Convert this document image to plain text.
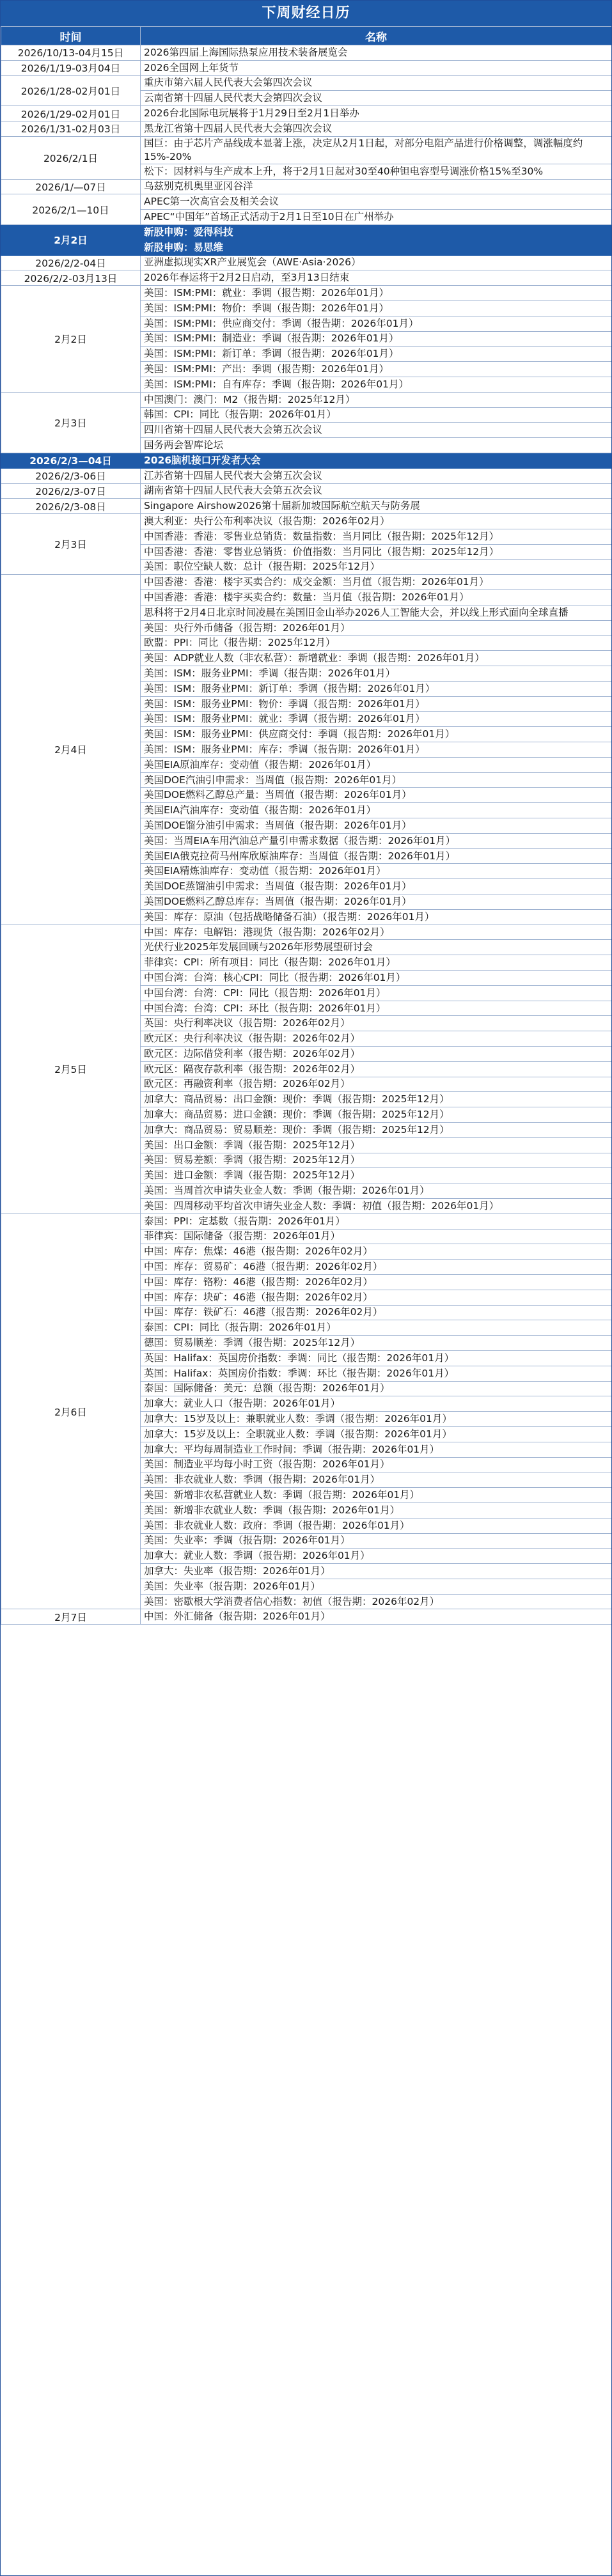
下周财经日历
时间	名称
2026/10/13-04月15日	2026第四届上海国际热泵应用技术装备展览会
2026/1/19-03月04日	2026全国网上年货节
2026/1/28-02月01日	重庆市第六届人民代表大会第四次会议
	云南省第十四届人民代表大会第四次会议
2026/1/29-02月01日	2026台北国际电玩展将于1月29日至2月1日举办
2026/1/31-02月03日	黑龙江省第十四届人民代表大会第四次会议
2026/2/1日	国巨：由于芯片产品线成本显著上涨，决定从2月1日起，对部分电阻产品进行价格调整，调涨幅度约15%-20%
	松下：因材料与生产成本上升，将于2月1日起对30至40种钽电容型号调涨价格15%至30%
2026/1/—07日	乌兹别克机奥里亚冈谷洋
2026/2/1—10日	APEC第一次高官会及相关会议
	APEC“中国年”首场正式活动于2月1日至10日在广州举办
2月2日	新股申购：爱得科技
	新股申购：易思维
2026/2/2-04日	亚洲虚拟现实XR产业展览会（AWE·Asia·2026）
2026/2/2-03月13日	2026年春运将于2月2日启动，至3月13日结束
2月2日	美国：ISM:PMI：就业：季调（报告期：2026年01月）
	美国：ISM:PMI：物价：季调（报告期：2026年01月）
	美国：ISM:PMI：供应商交付：季调（报告期：2026年01月）
	美国：ISM:PMI：制造业：季调（报告期：2026年01月）
	美国：ISM:PMI：新订单：季调（报告期：2026年01月）
	美国：ISM:PMI：产出：季调（报告期：2026年01月）
	美国：ISM:PMI：自有库存：季调（报告期：2026年01月）
2月3日	中国澳门：澳门：M2（报告期：2025年12月）
	韩国：CPI：同比（报告期：2026年01月）
	四川省第十四届人民代表大会第五次会议
	国务两会智库论坛
2026/2/3—04日	2026脑机接口开发者大会
2026/2/3-06日	江苏省第十四届人民代表大会第五次会议
2026/2/3-07日	湖南省第十四届人民代表大会第五次会议
2026/2/3-08日	Singapore Airshow2026第十届新加坡国际航空航天与防务展
2月3日	澳大利亚：央行公布利率决议（报告期：2026年02月）
	中国香港：香港：零售业总销货：数量指数：当月同比（报告期：2025年12月）
	中国香港：香港：零售业总销货：价值指数：当月同比（报告期：2025年12月）
	美国：职位空缺人数：总计（报告期：2025年12月）
2月4日	中国香港：香港：楼宇买卖合约：成交金额：当月值（报告期：2026年01月）
	中国香港：香港：楼宇买卖合约：数量：当月值（报告期：2026年01月）
	思科将于2月4日北京时间凌晨在美国旧金山举办2026人工智能大会，并以线上形式面向全球直播
	美国：央行外币储备（报告期：2026年01月）
	欧盟：PPI：同比（报告期：2025年12月）
	美国：ADP就业人数（非农私营）：新增就业：季调（报告期：2026年01月）
	美国：ISM：服务业PMI：季调（报告期：2026年01月）
	美国：ISM：服务业PMI：新订单：季调（报告期：2026年01月）
	美国：ISM：服务业PMI：物价：季调（报告期：2026年01月）
	美国：ISM：服务业PMI：就业：季调（报告期：2026年01月）
	美国：ISM：服务业PMI：供应商交付：季调（报告期：2026年01月）
	美国：ISM：服务业PMI：库存：季调（报告期：2026年01月）
	美国EIA原油库存：变动值（报告期：2026年01月）
	美国DOE汽油引申需求：当周值（报告期：2026年01月）
	美国DOE燃料乙醇总产量：当周值（报告期：2026年01月）
	美国EIA汽油库存：变动值（报告期：2026年01月）
	美国DOE馏分油引申需求：当周值（报告期：2026年01月）
	美国：当周EIA车用汽油总产量引申需求数据（报告期：2026年01月）
	美国EIA俄克拉荷马州库欣原油库存：当周值（报告期：2026年01月）
	美国EIA精炼油库存：变动值（报告期：2026年01月）
	美国DOE蒸馏油引申需求：当周值（报告期：2026年01月）
	美国DOE燃料乙醇总库存：当周值（报告期：2026年01月）
	美国：库存：原油（包括战略储备石油）（报告期：2026年01月）
2月5日	中国：库存：电解铝：港现货（报告期：2026年02月）
	光伏行业2025年发展回顾与2026年形势展望研讨会
	菲律宾：CPI：所有项目：同比（报告期：2026年01月）
	中国台湾：台湾：核心CPI：同比（报告期：2026年01月）
	中国台湾：台湾：CPI：同比（报告期：2026年01月）
	中国台湾：台湾：CPI：环比（报告期：2026年01月）
	英国：央行利率决议（报告期：2026年02月）
	欧元区：央行利率决议（报告期：2026年02月）
	欧元区：边际借贷利率（报告期：2026年02月）
	欧元区：隔夜存款利率（报告期：2026年02月）
	欧元区：再融资利率（报告期：2026年02月）
	加拿大：商品贸易：出口金额：现价：季调（报告期：2025年12月）
	加拿大：商品贸易：进口金额：现价：季调（报告期：2025年12月）
	加拿大：商品贸易：贸易顺差：现价：季调（报告期：2025年12月）
	美国：出口金额：季调（报告期：2025年12月）
	美国：贸易差额：季调（报告期：2025年12月）
	美国：进口金额：季调（报告期：2025年12月）
	美国：当周首次申请失业金人数：季调（报告期：2026年01月）
	美国：四周移动平均首次申请失业金人数：季调：初值（报告期：2026年01月）
2月6日	泰国：PPI：定基数（报告期：2026年01月）
	菲律宾：国际储备（报告期：2026年01月）
	中国：库存：焦煤：46港（报告期：2026年02月）
	中国：库存：贸易矿：46港（报告期：2026年02月）
	中国：库存：铬粉：46港（报告期：2026年02月）
	中国：库存：块矿：46港（报告期：2026年02月）
	中国：库存：铁矿石：46港（报告期：2026年02月）
	泰国：CPI：同比（报告期：2026年01月）
	德国：贸易顺差：季调（报告期：2025年12月）
	英国：Halifax：英国房价指数：季调：同比（报告期：2026年01月）
	英国：Halifax：英国房价指数：季调：环比（报告期：2026年01月）
	泰国：国际储备：美元：总额（报告期：2026年01月）
	加拿大：就业人口（报告期：2026年01月）
	加拿大：15岁及以上：兼职就业人数：季调（报告期：2026年01月）
	加拿大：15岁及以上：全职就业人数：季调（报告期：2026年01月）
	加拿大：平均每周制造业工作时间：季调（报告期：2026年01月）
	美国：制造业平均每小时工资（报告期：2026年01月）
	美国：非农就业人数：季调（报告期：2026年01月）
	美国：新增非农私营就业人数：季调（报告期：2026年01月）
	美国：新增非农就业人数：季调（报告期：2026年01月）
	美国：非农就业人数：政府：季调（报告期：2026年01月）
	美国：失业率：季调（报告期：2026年01月）
	加拿大：就业人数：季调（报告期：2026年01月）
	加拿大：失业率（报告期：2026年01月）
	美国：失业率（报告期：2026年01月）
	美国：密歇根大学消费者信心指数：初值（报告期：2026年02月）
2月7日	中国：外汇储备（报告期：2026年01月）
